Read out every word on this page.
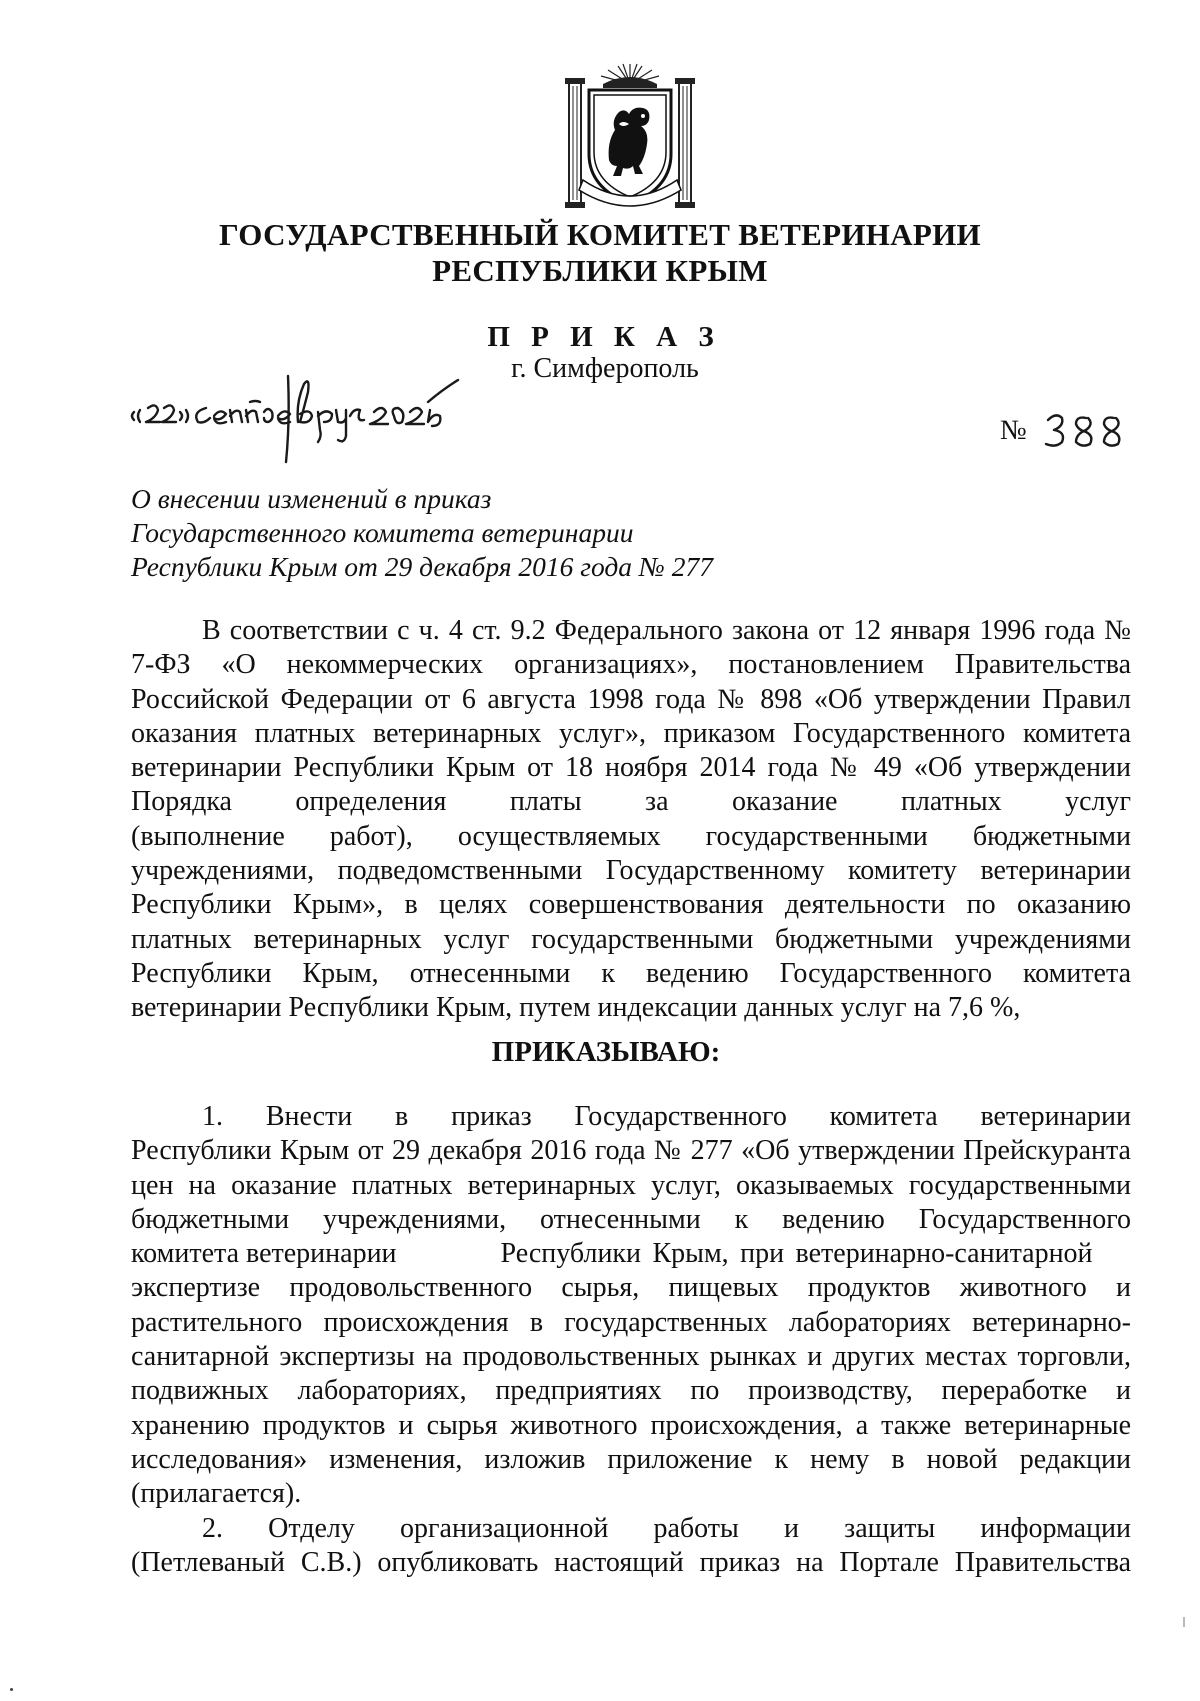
ГОСУДАРСТВЕННЫЙ КОМИТЕТ ВЕТЕРИНАРИИ
РЕСПУБЛИКИ КРЫМ
П Р И К А З
г. Симферополь
№
О внесении изменений в приказ
Государственного комитета ветеринарии
Республики Крым от 29 декабря 2016 года № 277
В соответствии с ч. 4 ст. 9.2 Федерального закона от 12 января 1996 года №
7-ФЗ «О некоммерческих организациях», постановлением Правительства
Российской Федерации от 6 августа 1998 года № 898 «Об утверждении Правил
оказания платных ветеринарных услуг», приказом Государственного комитета
ветеринарии Республики Крым от 18 ноября 2014 года № 49 «Об утверждении
Порядка определения платы за оказание платных услуг
(выполнение работ), осуществляемых государственными бюджетными
учреждениями, подведомственными Государственному комитету ветеринарии
Республики Крым», в целях совершенствования деятельности по оказанию
платных ветеринарных услуг государственными бюджетными учреждениями
Республики Крым, отнесенными к ведению Государственного комитета
ветеринарии Республики Крым, путем индексации данных услуг на 7,6 %,
ПРИКАЗЫВАЮ:
1. Внести в приказ Государственного комитета ветеринарии
Республики Крым от 29 декабря 2016 года № 277 «Об утверждении Прейскуранта
цен на оказание платных ветеринарных услуг, оказываемых государственными
бюджетными учреждениями, отнесенными к ведению Государственного
комитета ветеринарии	Республики Крым, при ветеринарно-санитарной
экспертизе продовольственного сырья, пищевых продуктов животного и
растительного происхождения в государственных лабораториях ветеринарно-
санитарной экспертизы на продовольственных рынках и других местах торговли,
подвижных лабораториях, предприятиях по производству, переработке и
хранению продуктов и сырья животного происхождения, а также ветеринарные
исследования» изменения, изложив приложение к нему в новой редакции
(прилагается).
2. Отделу организационной работы и защиты информации
(Петлеваный С.В.) опубликовать настоящий приказ на Портале Правительства
